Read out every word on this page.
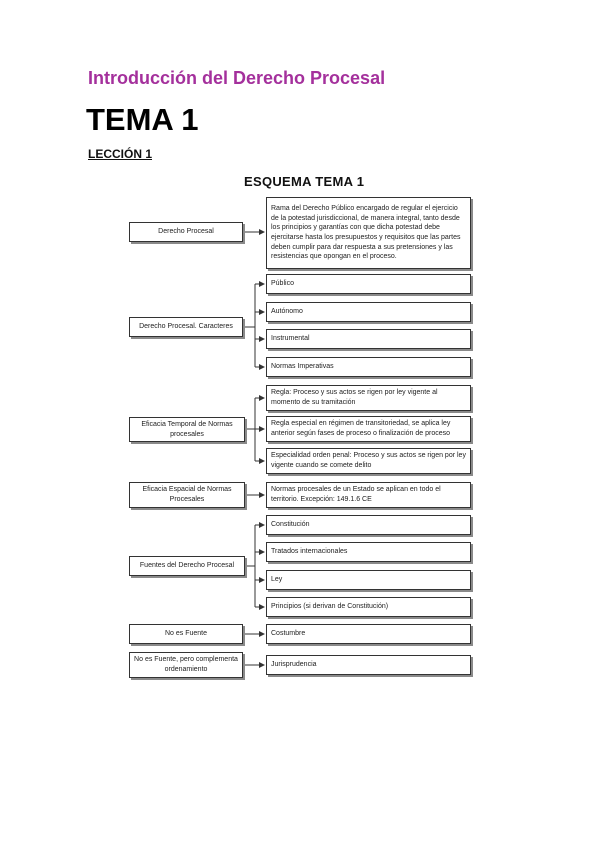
Introducción del Derecho Procesal
TEMA 1
LECCIÓN 1
ESQUEMA TEMA 1
Derecho Procesal
Rama del Derecho Público encargado de regular el ejercicio de la potestad jurisdiccional, de manera integral, tanto desde los principios y garantías con que dicha potestad debe ejercitarse hasta los presupuestos y requisitos que las partes deben cumplir para dar respuesta a sus pretensiones y las resistencias que opongan en el proceso.
Derecho Procesal. Caracteres
Público
Autónomo
Instrumental
Normas Imperativas
Eficacia Temporal de Normas procesales
Regla: Proceso y sus actos se rigen por ley vigente al momento de su tramitación
Regla especial en régimen de transitoriedad, se aplica ley anterior según fases de proceso o finalización de proceso
Especialidad orden penal: Proceso y sus actos se rigen por ley vigente cuando se comete delito
Eficacia Espacial de Normas Procesales
Normas procesales de un Estado se aplican en todo el territorio. Excepción: 149.1.6 CE
Fuentes del Derecho Procesal
Constitución
Tratados internacionales
Ley
Principios (si derivan de Constitución)
No es Fuente	Costumbre
No es Fuente, pero complementa ordenamiento
Jurisprudencia
